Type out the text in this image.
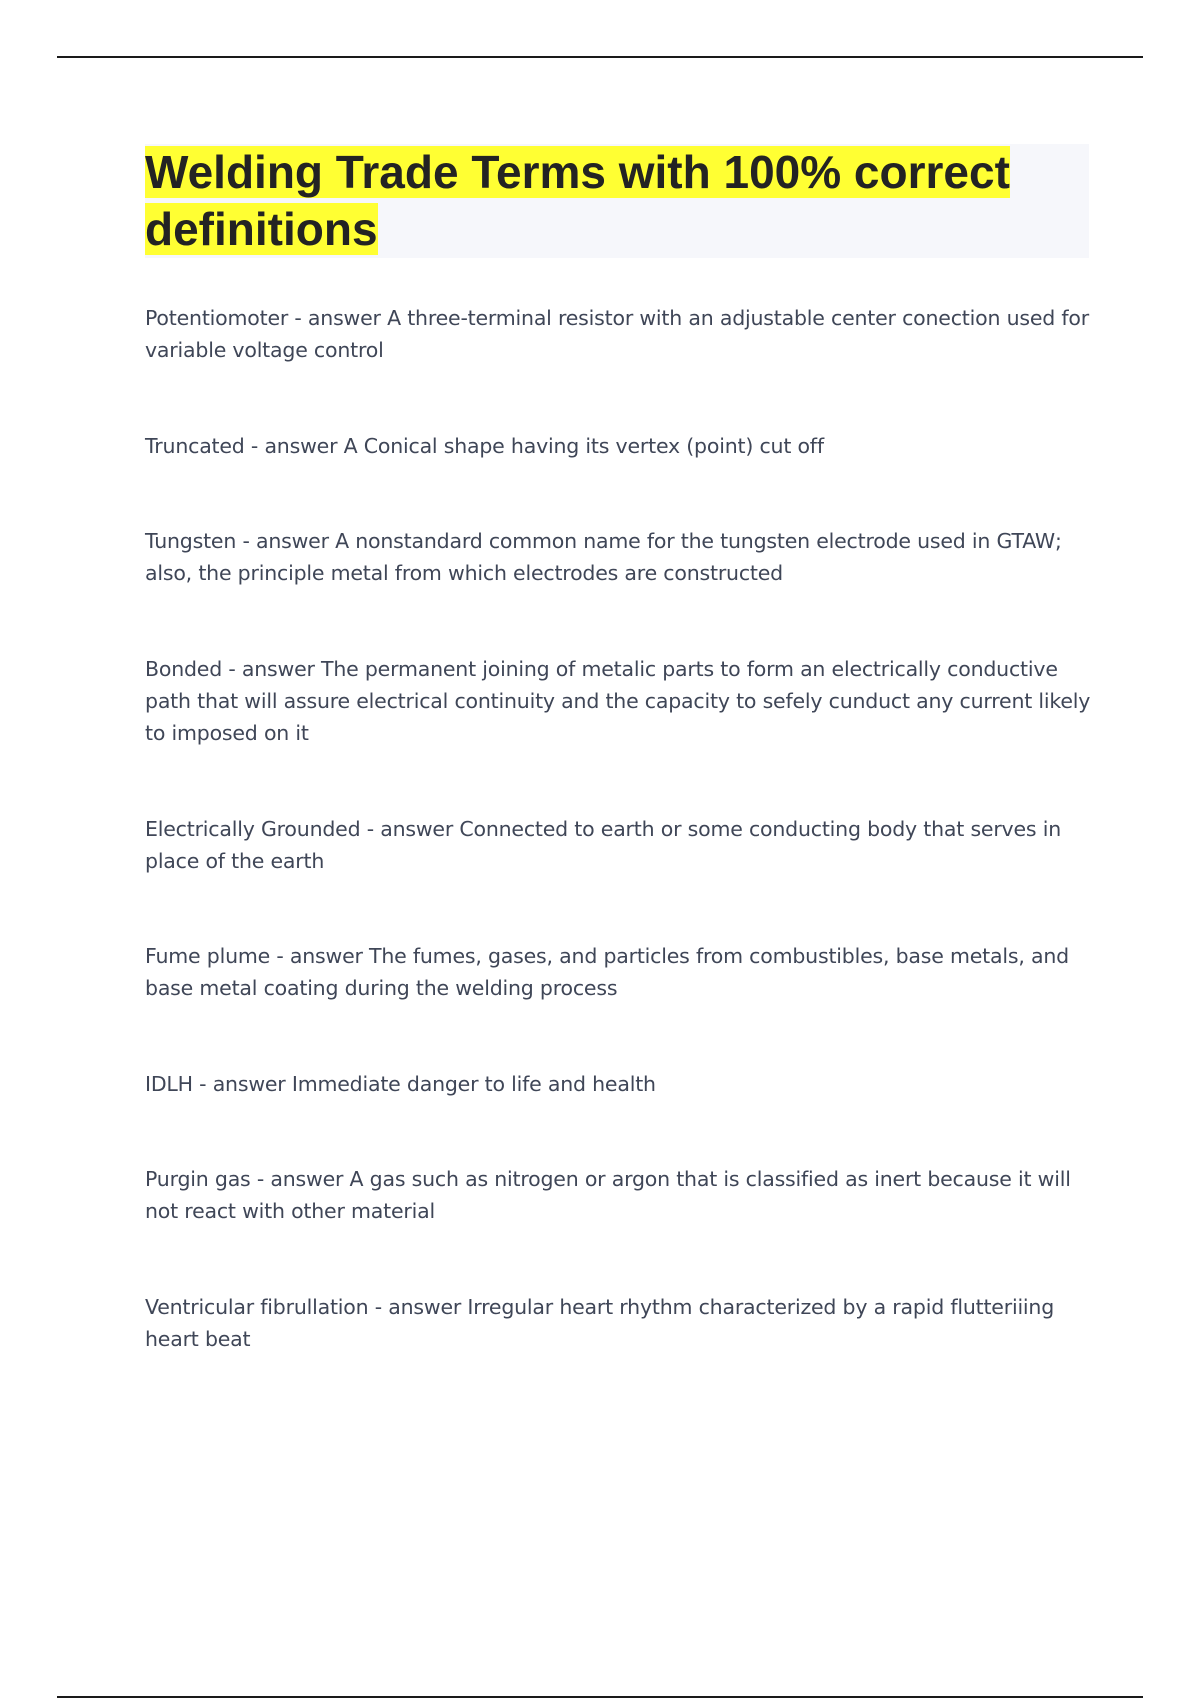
Welding Trade Terms with 100% correct definitions

Potentiomoter - answer A three-terminal resistor with an adjustable center conection used for variable voltage control

Truncated - answer A Conical shape having its vertex (point) cut off

Tungsten - answer A nonstandard common name for the tungsten electrode used in GTAW; also, the principle metal from which electrodes are constructed

Bonded - answer The permanent joining of metalic parts to form an electrically conductive path that will assure electrical continuity and the capacity to sefely cunduct any current likely to imposed on it

Electrically Grounded - answer Connected to earth or some conducting body that serves in place of the earth

Fume plume - answer The fumes, gases, and particles from combustibles, base metals, and base metal coating during the welding process

IDLH - answer Immediate danger to life and health

Purgin gas - answer A gas such as nitrogen or argon that is classified as inert because it will not react with other material

Ventricular fibrullation - answer Irregular heart rhythm characterized by a rapid flutteriiing heart beat
